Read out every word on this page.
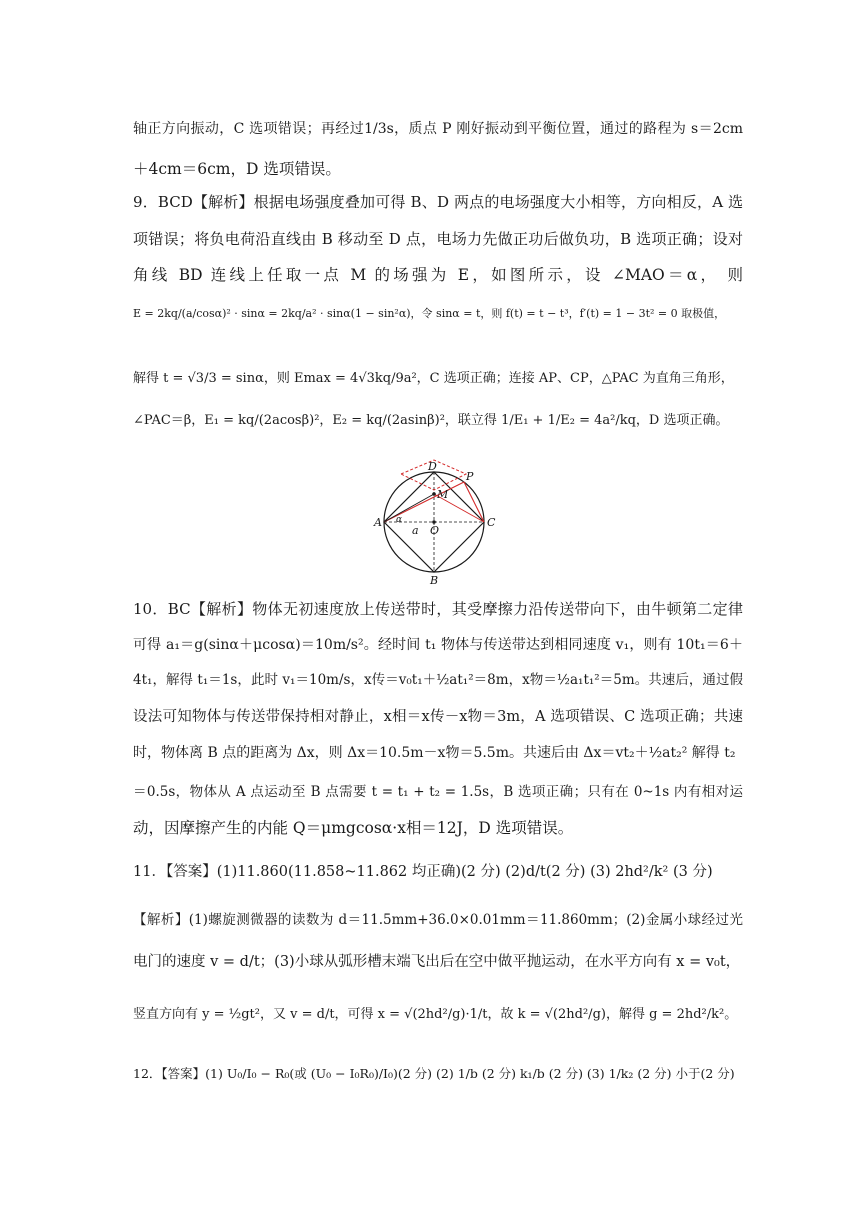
轴正方向振动，C 选项错误；再经过1/3s，质点 P 刚好振动到平衡位置，通过的路程为 s＝2cm
＋4cm＝6cm，D 选项错误。
9．BCD【解析】根据电场强度叠加可得 B、D 两点的电场强度大小相等，方向相反，A 选
项错误；将负电荷沿直线由 B 移动至 D 点，电场力先做正功后做负功，B 选项正确；设对
角线 BD 连线上任取一点 M 的场强为 E，如图所示，设 ∠MAO＝α， 则
E = 2kq/(a/cosα)² · sinα = 2kq/a² · sinα(1 − sin²α)，令 sinα = t，则 f(t) = t − t³，f′(t) = 1 − 3t² = 0 取极值，
解得 t = √3/3 = sinα，则 Emax = 4√3kq/9a²，C 选项正确；连接 AP、CP，△PAC 为直角三角形，
∠PAC＝β，E₁ = kq/(2acosβ)²，E₂ = kq/(2asinβ)²，联立得 1/E₁ + 1/E₂ = 4a²/kq，D 选项正确。
D
P
M
A α
a O
C
B
10．BC【解析】物体无初速度放上传送带时，其受摩擦力沿传送带向下，由牛顿第二定律
可得 a₁＝g(sinα＋μcosα)＝10m/s²。经时间 t₁ 物体与传送带达到相同速度 v₁，则有 10t₁＝6＋
4t₁，解得 t₁＝1s，此时 v₁＝10m/s，x传＝v₀t₁＋½at₁²＝8m，x物＝½a₁t₁²＝5m。共速后，通过假
设法可知物体与传送带保持相对静止，x相＝x传－x物＝3m，A 选项错误、C 选项正确；共速
时，物体离 B 点的距离为 Δx，则 Δx＝10.5m－x物＝5.5m。共速后由 Δx＝vt₂＋½at₂² 解得 t₂
＝0.5s，物体从 A 点运动至 B 点需要 t = t₁ + t₂ = 1.5s，B 选项正确；只有在 0~1s 内有相对运
动，因摩擦产生的内能 Q＝μmgcosα·x相＝12J，D 选项错误。
11．【答案】(1)11.860(11.858~11.862 均正确)(2 分) (2)d/t(2 分) (3) 2hd²/k² (3 分)
【解析】(1)螺旋测微器的读数为 d＝11.5mm+36.0×0.01mm＝11.860mm；(2)金属小球经过光
电门的速度 v = d/t；(3)小球从弧形槽末端飞出后在空中做平抛运动，在水平方向有 x = v₀t，
竖直方向有 y = ½gt²，又 v = d/t，可得 x = √(2hd²/g)·1/t，故 k = √(2hd²/g)，解得 g = 2hd²/k²。
12．【答案】(1) U₀/I₀ − R₀(或 (U₀ − I₀R₀)/I₀)(2 分) (2) 1/b (2 分) k₁/b (2 分) (3) 1/k₂ (2 分) 小于(2 分)
